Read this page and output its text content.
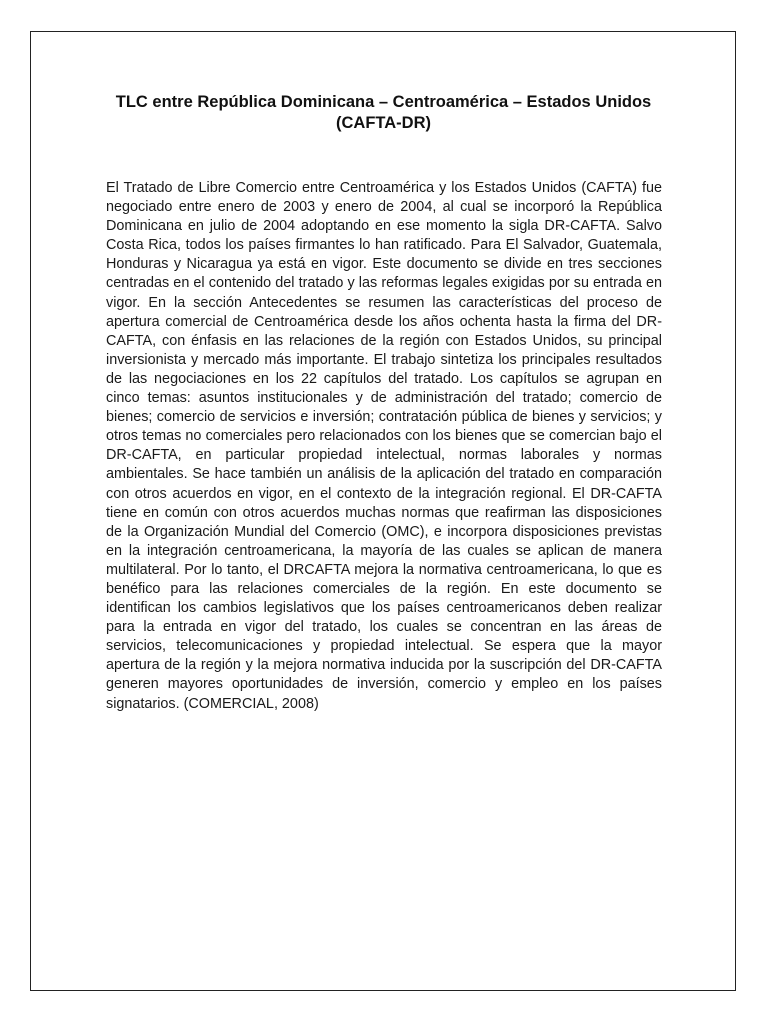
TLC entre República Dominicana – Centroamérica – Estados Unidos (CAFTA-DR)

El Tratado de Libre Comercio entre Centroamérica y los Estados Unidos (CAFTA) fue negociado entre enero de 2003 y enero de 2004, al cual se incorporó la República Dominicana en julio de 2004 adoptando en ese momento la sigla DR-CAFTA. Salvo Costa Rica, todos los países firmantes lo han ratificado. Para El Salvador, Guatemala, Honduras y Nicaragua ya está en vigor. Este documento se divide en tres secciones centradas en el contenido del tratado y las reformas legales exigidas por su entrada en vigor. En la sección Antecedentes se resumen las características del proceso de apertura comercial de Centroamérica desde los años ochenta hasta la firma del DR-CAFTA, con énfasis en las relaciones de la región con Estados Unidos, su principal inversionista y mercado más importante. El trabajo sintetiza los principales resultados de las negociaciones en los 22 capítulos del tratado. Los capítulos se agrupan en cinco temas: asuntos institucionales y de administración del tratado; comercio de bienes; comercio de servicios e inversión; contratación pública de bienes y servicios; y otros temas no comerciales pero relacionados con los bienes que se comercian bajo el DR-CAFTA, en particular propiedad intelectual, normas laborales y normas ambientales. Se hace también un análisis de la aplicación del tratado en comparación con otros acuerdos en vigor, en el contexto de la integración regional. El DR-CAFTA tiene en común con otros acuerdos muchas normas que reafirman las disposiciones de la Organización Mundial del Comercio (OMC), e incorpora disposiciones previstas en la integración centroamericana, la mayoría de las cuales se aplican de manera multilateral. Por lo tanto, el DRCAFTA mejora la normativa centroamericana, lo que es benéfico para las relaciones comerciales de la región. En este documento se identifican los cambios legislativos que los países centroamericanos deben realizar para la entrada en vigor del tratado, los cuales se concentran en las áreas de servicios, telecomunicaciones y propiedad intelectual. Se espera que la mayor apertura de la región y la mejora normativa inducida por la suscripción del DR-CAFTA generen mayores oportunidades de inversión, comercio y empleo en los países signatarios. (COMERCIAL, 2008)
